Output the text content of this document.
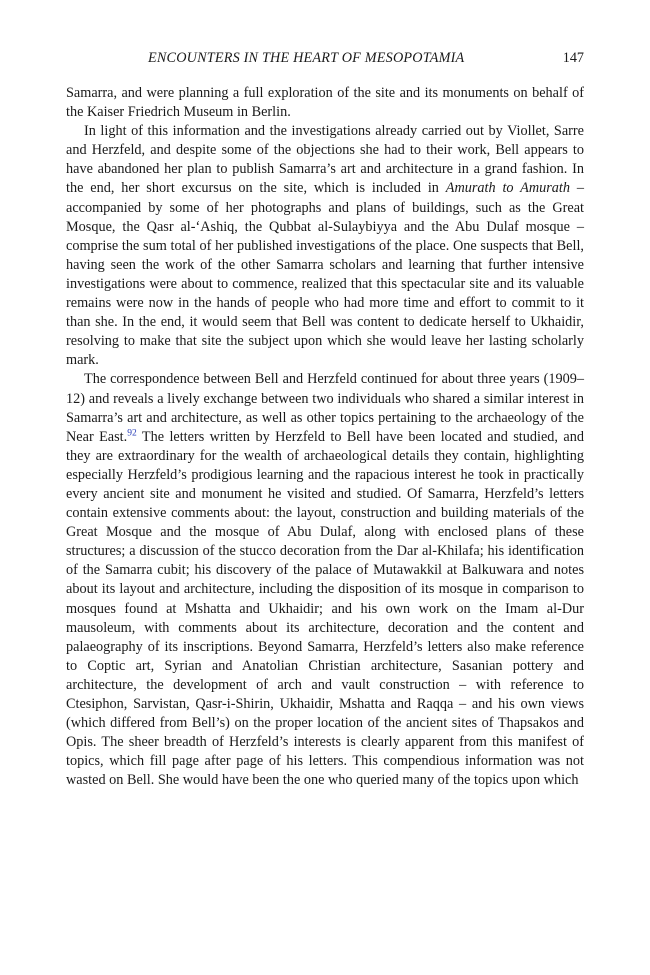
ENCOUNTERS IN THE HEART OF MESOPOTAMIA	147

Samarra, and were planning a full exploration of the site and its monuments on behalf of the Kaiser Friedrich Museum in Berlin.

In light of this information and the investigations already carried out by Viollet, Sarre and Herzfeld, and despite some of the objections she had to their work, Bell appears to have abandoned her plan to publish Samarra’s art and architecture in a grand fashion. In the end, her short excursus on the site, which is included in Amurath to Amurath – accompanied by some of her photographs and plans of buildings, such as the Great Mosque, the Qasr al-‘Ashiq, the Qubbat al-Sulaybiyya and the Abu Dulaf mosque – comprise the sum total of her published investigations of the place. One suspects that Bell, having seen the work of the other Samarra scholars and learning that further intensive investigations were about to commence, realized that this spectacular site and its valuable remains were now in the hands of people who had more time and effort to commit to it than she. In the end, it would seem that Bell was content to dedicate herself to Ukhaidir, resolving to make that site the subject upon which she would leave her lasting scholarly mark.

The correspondence between Bell and Herzfeld continued for about three years (1909–12) and reveals a lively exchange between two individuals who shared a similar interest in Samarra’s art and architecture, as well as other topics pertaining to the archaeology of the Near East.$^{92}$ The letters written by Herzfeld to Bell have been located and studied, and they are extraordinary for the wealth of archaeological details they contain, highlighting especially Herzfeld’s prodigious learning and the rapacious interest he took in practically every ancient site and monument he visited and studied. Of Samarra, Herzfeld’s letters contain extensive comments about: the layout, construction and building materials of the Great Mosque and the mosque of Abu Dulaf, along with enclosed plans of these structures; a discussion of the stucco decoration from the Dar al-Khilafa; his identification of the Samarra cubit; his discovery of the palace of Mutawakkil at Balkuwara and notes about its layout and architecture, including the disposition of its mosque in comparison to mosques found at Mshatta and Ukhaidir; and his own work on the Imam al-Dur mausoleum, with comments about its architecture, decoration and the content and palaeography of its inscriptions. Beyond Samarra, Herzfeld’s letters also make reference to Coptic art, Syrian and Anatolian Christian architecture, Sasanian pottery and architecture, the development of arch and vault construction – with reference to Ctesiphon, Sarvistan, Qasr-i-Shirin, Ukhaidir, Mshatta and Raqqa – and his own views (which differed from Bell’s) on the proper location of the ancient sites of Thapsakos and Opis. The sheer breadth of Herzfeld’s interests is clearly apparent from this manifest of topics, which fill page after page of his letters. This compendious information was not wasted on Bell. She would have been the one who queried many of the topics upon which
